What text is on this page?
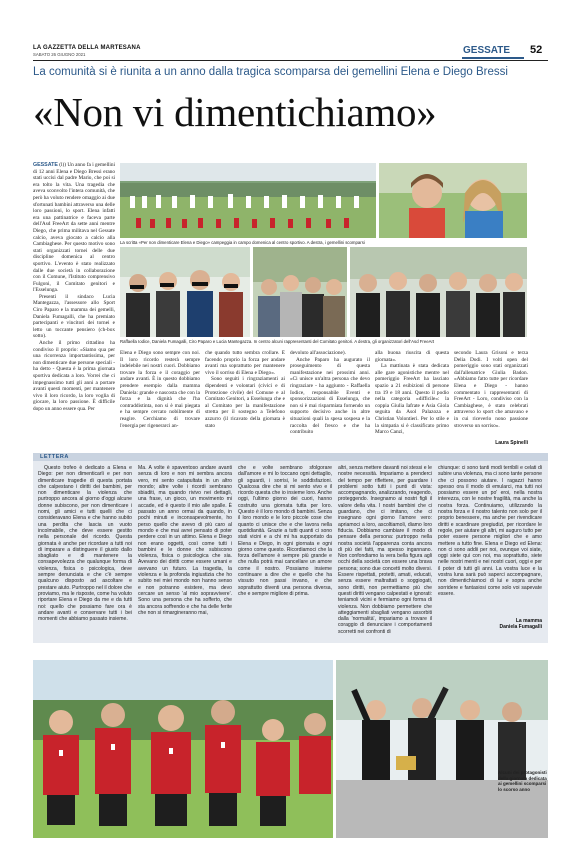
LA GAZZETTA DELLA MARTESANA
SABATO 26 GIUGNO 2021	GESSATE 52
La comunità si è riunita a un anno dalla tragica scomparsa dei gemellini Elena e Diego Bressi
«Non vi dimentichiamo»

GESSATE (l)) Un anno fa i gemellini di 12 anni Elena e Diego Bressi erano stati uccisi dal padre Mario, che poi si era tolto la vita. Una tragedia che aveva sconvolto l'intera comunità, che però ha voluto rendere omaggio ai due sfortunati bambini attraverso una delle loro passioni, lo sport. Elena infatti era una pattinatrice e faceva parte dell'Asd FreeArt da sette anni mentre Diego, che prima militava nel Gessate calcio, aveva giocato a calcio alla Cambiaghese. Per questo motivo sono stati organizzati tornei delle due discipline domenica al centro sportivo. L'evento è stato realizzato dalle due società in collaborazione con il Comune, l'Istituto comprensivo Fulgoni, il Comitato genitori e l'Esselunga.

Presenti il sindaco Lucia Mantegazza, l'assessore allo Sport Ciro Paparo e la mamma dei gemelli, Daniela Fumagalli, che ha premiato partecipanti e vincitori dei tornei e letto un toccante pensiero (ch-box sotto).

Anche il primo cittadino ha condiviso il proprio: «Siamo qua per una ricorrenza importantissima, per non dimenticare due persone speciali - ha detto - Questa è la prima giornata sportiva dedicata a loro. Vorrei che ci impegnassimo tutti gli anni a portare avanti questi momenti, per mantenere vivo il loro ricordo, la loro voglia di giocare, la loro passione. È difficile dopo un anno essere qua. Per

La scritta «Per non dimenticare Elena e Diego» campeggia in campo domenica al centro sportivo. A destra, i gemellini scomparsi
Raffaella Iodice, Daniela Fumagalli, Ciro Paparo e Lucia Mantegazza. In centro alcuni rappresentanti del Comitato genitori. A destra, gli organizzatori dell'Asd FreeArt

Elena e Diego sono sempre con noi. Il loro ricordo resterà sempre indelebile nei nostri cuori. Dobbiamo trovare la forza e il coraggio per andare avanti. È in questo dobbiamo prendere esempio dalla mamma Daniela: grande e nascosta che con la forza e la dignità che l'ha contraddistinta, non si è mai piegata e ha sempre cercato nobilmente di reagire. Cerchiamo di trovare l'energia per rigenerarci an-

che quando tutto sembra crollare. È facendo proprio la forza per andare avanti ma soprattutto per mantenere vivo il sorriso di Elena e Diego».

Sono seguiti i ringraziamenti ai dipendenti e volontari (civici e di Protezione civile) del Comune e al Comitato Genitori, a Esselunga che e al Comitato per la manifestazione stretta per il sostegno a Telefono azzurro (il ricavato della giornata è stato

devoluto all'associazione).

Anche Paparo ha augurato il proseguimento di questa manifestazione nei prossimi anni. «Ci unisce un'altra persona che devo ringraziare - ha aggiunto - Raffaella Iodice, responsabile Eventi e sponsorizzazioni di Esselunga, che non si è mai risparmiata fornendo un supporto decisivo anche in altre situazioni quali la spesa sospesa e la raccolta del fresco e che ha contribuito

alla buona riuscita di questa giornata».

La mattinata è stata dedicata alle gare agonistiche mentre nel pomeriggio FreeArt ha lasciato spazio a 21 esibizioni di persone tra 19 e 18 anni. Questo il podio nella categoria «difficile»: la coppia Giulia Iafrate e Asia Giola seguita da Asol Palazoza e Christian Volontieri. Per lo stile e la simpatia si è classificato primo Marco Canzi,

secondo Laura Grisoni e terza Delia Dodi. I volti open del pomeriggio sono stati organizzati dall'allenatrice Giulia Badon. «Abbiamo fatto tutte per ricordare Elena e Diego - hanno commentato i rappresentanti di FreeArt - Loro, condiviso con la Cambiaghese, è stato celebrati attraverso lo sport che amavano e in cui riceverlo nono passione stroverso un sorriso».

Laura Spinelli
LETTERA

Questo trofeo è dedicato a Elena e Diego: per non dimenticarli e per non dimenticare tragedie di questa portata che calpestano i diritti dei bambini, per non dimenticare la violenza che purtroppo ancora al giorno d'oggi alcune donne subiscono, per non dimenticare i nomi, gli amici e tutti quelli che ci consideravano Elena e che hanno subito una perdita che lascia un vuoto incolmabile, che deve essere gestito nella personale del ricordo. Questa giornata è anche per ricordare a tutti noi di imparare a distinguere il giusto dallo sbagliato e di mantenere la consapevolezza che qualunque forma di violenza, fisica o psicologica, deve sempre denunciata e che c'è sempre qualcuno disposto ad ascoltare e prestare aiuto. Purtroppo nel il dolore che proviamo, ma le risposte, come ha voluto riportare Elena e Diego da me e da tutti noi: quello che possiamo fare ora è andare avanti e conservare tutti i bei momenti che abbiamo passato insieme.

Ma. A volte è spaventoso andare avanti senza di loro e non mi sembra ancora vero, mi sento catapultata in un altro mondo; altre volte i ricordi sembrano sbiaditi, ma quando rivivo nei dettagli, una frase, un gioco, un movimento mi accade, ed è questo il mio alle spalle. È passato un anno ormai da quando, in pochi minuti e inconsapevolmente, ho perso quello che avevo di più caro al mondo e che mai avrei pensato di poter perdere così in un attimo. Elena e Diego non erano oggetti, così come tutti i bambini e le donne che subiscono violenza, fisica o psicologica che sia. Avevano dei diritti come essere umani e avevano un futuro. La tragedia, la violenza e la profonda ingiustizia che ho subito nei miei mondo non hanno senso e non potranno esistere, ma devo cercare un senso 'al mio sopravvivere'. Sono una persona che ha sofferto, che sta ancora soffrendo e che ha delle ferite che non si rimargineranno mai,

che e volte sembrano sfolgorare dall'amore e mi lo toccano ogni dettaglio, gli sguardi, i sorrisi, le soddisfazioni. Qualcosa dire che si mi sento vivo e il ricordo questa che io insieme loro. Anche oggi, l'ultimo giorno dei cuori, hanno costruito una giornata tutta per loro. Questo è il loro mondo di bambini. Senza il loro mondo e le loro piccole cose che quanto ci unisce che e che lavora nella quotidianità. Grazie a tutti quanti ci sono stati vicini e a chi mi ha supportato da Elena e Diego, in ogni giornata e ogni giorno come questo. Ricordiamoci che la forza dell'amore è sempre più grande e che nulla potrà mai cancellare un amore come il nostro. Possiamo insieme continuare a dire che e quello che ha vissuto non passi invano, e che soprattutto diventi una persona diversa, che e sempre migliore di prima.

altri, senza mettere davanti noi stessi e le nostre necessità. Impariamo a prenderci del tempo per riflettere, per guardare i problemi sotto tutti i punti di vista: accompagnando, analizzando, reagendo, proteggendo. Insegnamo ai nostri figli il valore della vita. I nostri bambini che ci guardano, che ci imitano, che ci insegnano ogni giorno l'amore vero: apriamoci a loro, ascoltiamoli, diamo loro fiducia. Dobbiamo cambiare il modo di pensare della persona: purtroppo nella nostra società l'apparenza conta ancora di più dei fatti, ma spesso ingannano. Non confondiamo la vera bella figura agli occhi della società con essere una brava persona; sono due concetti molto diversi. Essere rispettati, protetti, amati, educati, senza essere maltrattati o soggiogati, sono diritti, non permettiamo più che questi diritti vengano calpestati e ignorati: teniamoli vicini e fermiamo ogni forma di violenza. Non dobbiamo permettere che atteggiamenti sbagliati vengano assorbiti dalla 'normalità', impariamo a trovare il coraggio di denunciare i comportamenti scorretti nei confronti di

chiunque: ci sono tanti modi terribili e celati di subire una violenza, ma ci sono tante persone che ci possono aiutare. I ragazzi hanno spesso ora il modo di emularci, ma tutti noi possiamo essere un po' eroi, nella nostra interezza, con le nostre fragilità, ma anche la nostra forza. Continuiamo, utilizzando la nostra forza e il nostro talento non solo per il proprio benessere, ma anche per rivendicare diritti e scardinare pregiudizi, per ricordare le regole, per aiutare gli altri, mi auguro tutto per poter essere persone migliori che e amo mettere a tutto fine. Elena e Diego ed Elena: non ci sono addii per noi, ovunque voi siate, oggi siete qui con noi, ma soprattutto, siete nelle nostri menti e nei nostri cuori, oggi e per il poter di tutti gli anni. La vostra luce e la vostra luna sarà può saperci accompagnare, non dimentichiamoci di lui e sopra anche sorridere e fantasiosi come solo voi sapevate essere.

La mamma
Daniela Fumagalli
Alcuni dei protagonisti della giornata dedicata ai gemellini scomparsi lo scorso anno
